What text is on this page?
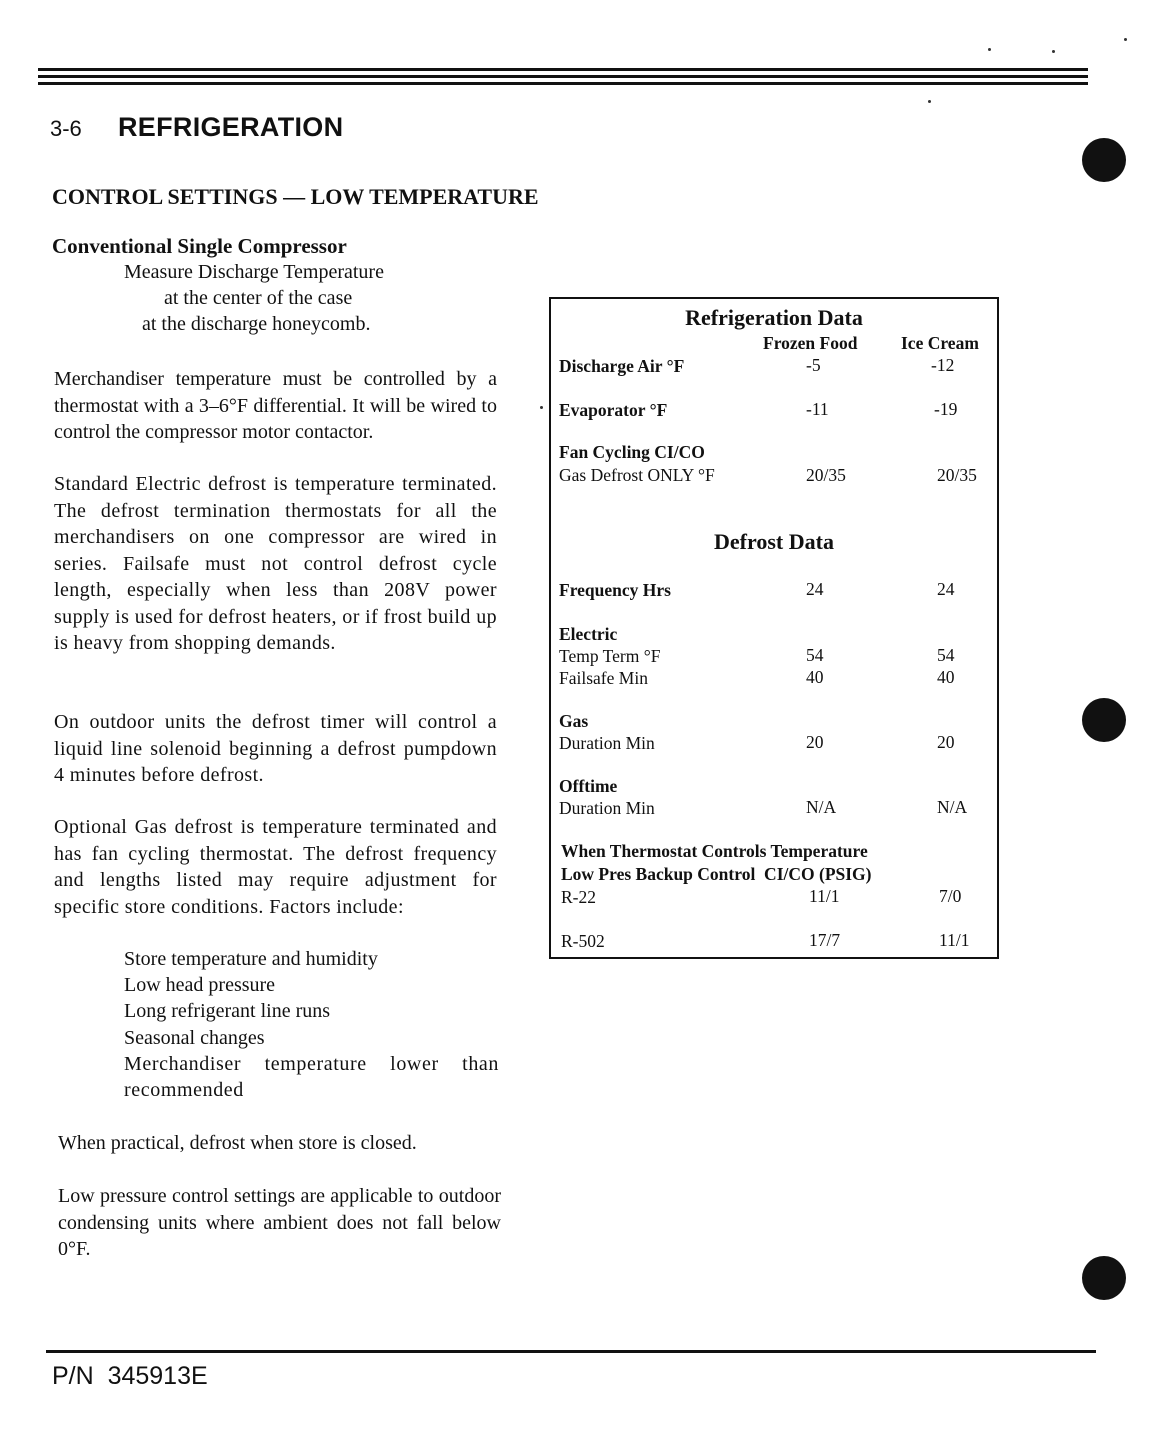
3-6 REFRIGERATION
CONTROL SETTINGS — LOW TEMPERATURE
Conventional Single Compressor
Measure Discharge Temperature
at the center of the case
at the discharge honeycomb.

Merchandiser temperature must be controlled by a thermostat with a 3–6°F differential. It will be wired to control the compressor motor contactor.

Standard Electric defrost is temperature terminated. The defrost termination thermostats for all the merchandisers on one compressor are wired in series. Failsafe must not control defrost cycle length, especially when less than 208V power supply is used for defrost heaters, or if frost build up is heavy from shopping demands.

On outdoor units the defrost timer will control a liquid line solenoid beginning a defrost pumpdown 4 minutes before defrost.

Optional Gas defrost is temperature terminated and has fan cycling thermostat. The defrost frequency and lengths listed may require adjustment for specific store conditions. Factors include:

Store temperature and humidity
Low head pressure
Long refrigerant line runs
Seasonal changes
Merchandiser temperature lower than recommended

When practical, defrost when store is closed.

Low pressure control settings are applicable to outdoor condensing units where ambient does not fall below 0°F.

Refrigeration Data
Frozen Food Ice Cream
Discharge Air °F	-5	-12
Evaporator °F	-11	-19
Fan Cycling CI/CO
Gas Defrost ONLY °F	20/35	20/35
Defrost Data
Frequency Hrs	24	24
Electric
Temp Term °F	54	54
Failsafe Min	40	40
Gas
Duration Min	20	20
Offtime
Duration Min	N/A	N/A
When Thermostat Controls Temperature
Low Pres Backup Control  CI/CO (PSIG)
R-22	11/1	7/0
R-502	17/7	11/1
P/N  345913E
